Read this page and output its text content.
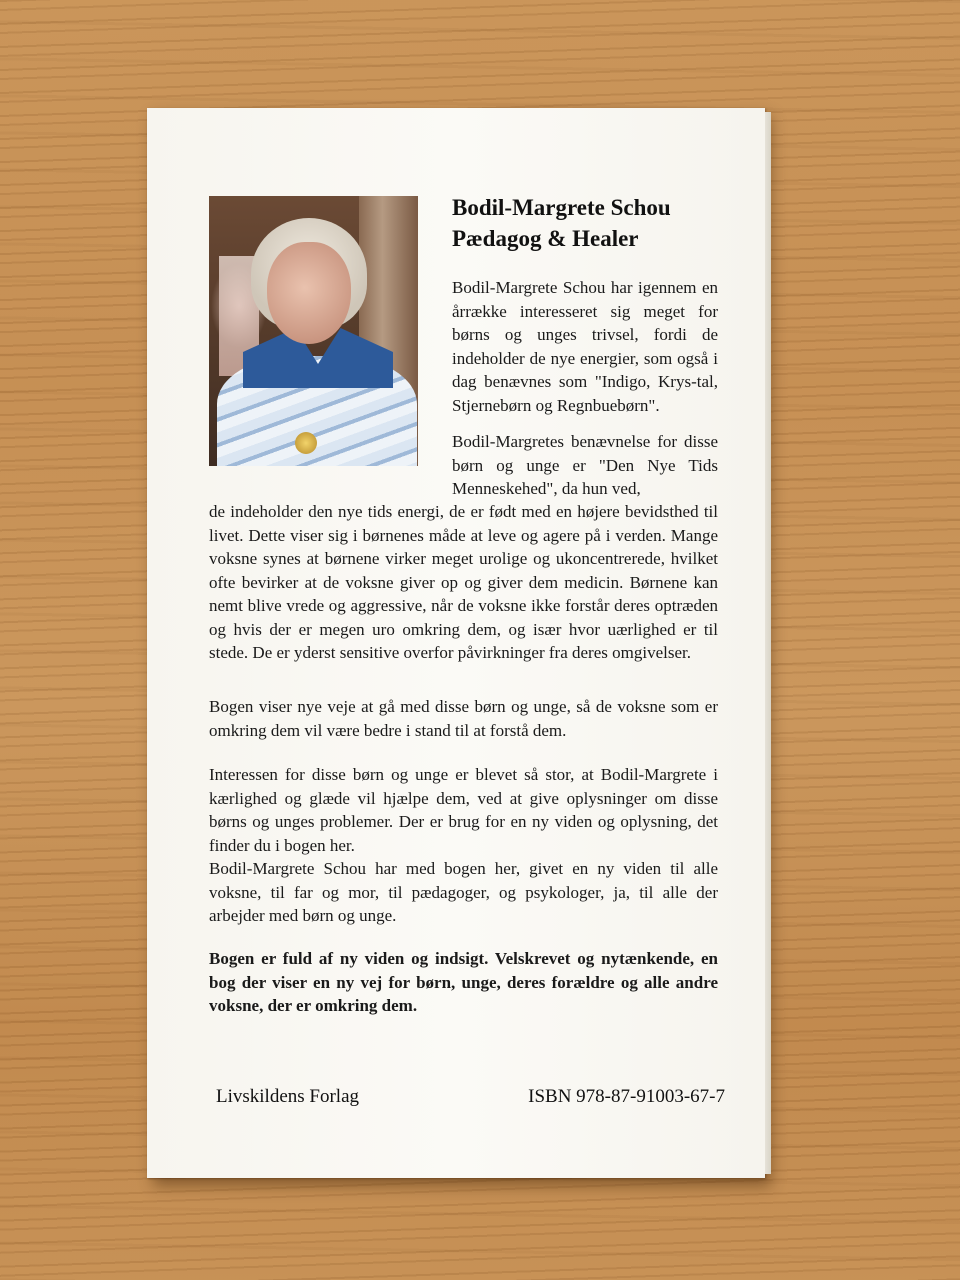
Bodil-Margrete Schou
Pædagog & Healer

Bodil-Margrete Schou har igennem en årrække interesseret sig meget for børns og unges trivsel, fordi de indeholder de nye energier, som også i dag benævnes som "Indigo, Krys-tal, Stjernebørn og Regnbuebørn".

Bodil-Margretes benævnelse for disse børn og unge er "Den Nye Tids Menneskehed", da hun ved,

de indeholder den nye tids energi, de er født med en højere bevidsthed til livet. Dette viser sig i børnenes måde at leve og agere på i verden. Mange voksne synes at børnene virker meget urolige og ukoncentrerede, hvilket ofte bevirker at de voksne giver op og giver dem medicin. Børnene kan nemt blive vrede og aggressive, når de voksne ikke forstår deres optræden og hvis der er megen uro omkring dem, og især hvor uærlighed er til stede. De er yderst sensitive overfor påvirkninger fra deres omgivelser.

Bogen viser nye veje at gå med disse børn og unge, så de voksne som er omkring dem vil være bedre i stand til at forstå dem.

Interessen for disse børn og unge er blevet så stor, at Bodil-Margrete i kærlighed og glæde vil hjælpe dem, ved at give oplysninger om disse børns og unges problemer. Der er brug for en ny viden og oplysning, det finder du i bogen her.
Bodil-Margrete Schou har med bogen her, givet en ny viden til alle voksne, til far og mor, til pædagoger, og psykologer, ja, til alle der arbejder med børn og unge.

Bogen er fuld af ny viden og indsigt. Velskrevet og nytænkende, en bog der viser en ny vej for børn, unge, deres forældre og alle andre voksne, der er omkring dem.

Livskildens Forlag	ISBN 978-87-91003-67-7
